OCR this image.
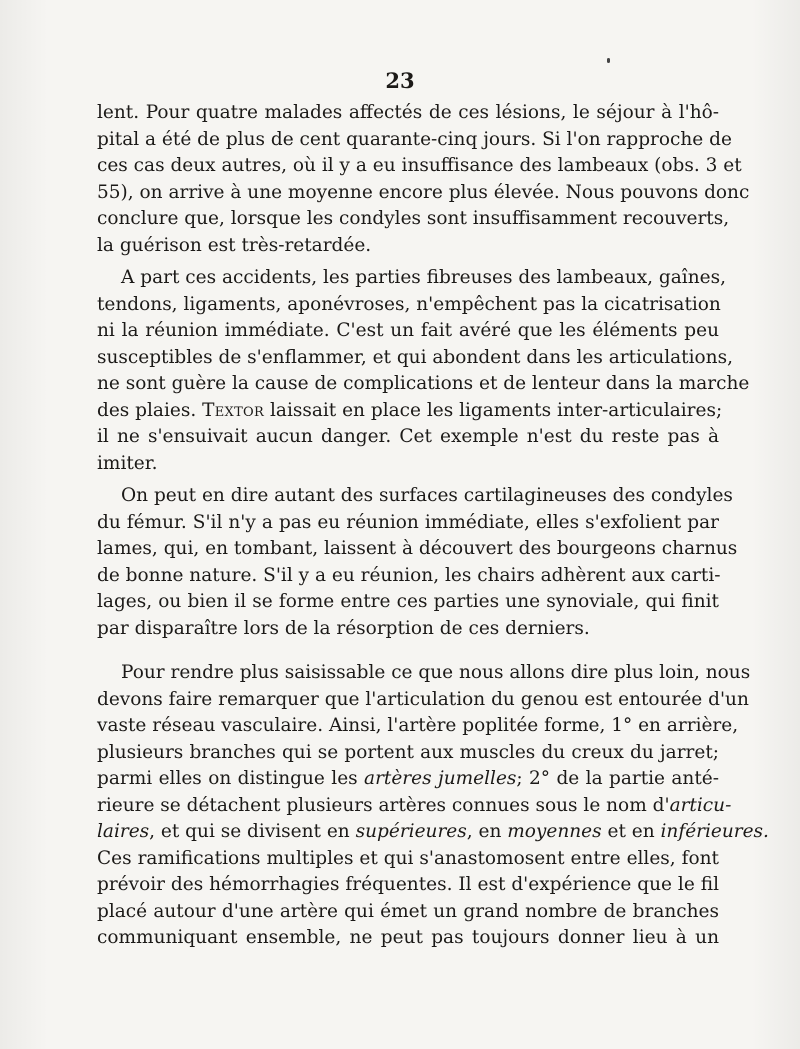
23

lent. Pour quatre malades affectés de ces lésions, le séjour à l'hô-
pital a été de plus de cent quarante-cinq jours. Si l'on rapproche de
ces cas deux autres, où il y a eu insuffisance des lambeaux (obs. 3 et
55), on arrive à une moyenne encore plus élevée. Nous pouvons donc
conclure que, lorsque les condyles sont insuffisamment recouverts,
la guérison est très-retardée.

A part ces accidents, les parties fibreuses des lambeaux, gaînes,
tendons, ligaments, aponévroses, n'empêchent pas la cicatrisation
ni la réunion immédiate. C'est un fait avéré que les éléments peu
susceptibles de s'enflammer, et qui abondent dans les articulations,
ne sont guère la cause de complications et de lenteur dans la marche
des plaies. Textor laissait en place les ligaments inter-articulaires;
il ne s'ensuivait aucun danger. Cet exemple n'est du reste pas à
imiter.

On peut en dire autant des surfaces cartilagineuses des condyles
du fémur. S'il n'y a pas eu réunion immédiate, elles s'exfolient par
lames, qui, en tombant, laissent à découvert des bourgeons charnus
de bonne nature. S'il y a eu réunion, les chairs adhèrent aux carti-
lages, ou bien il se forme entre ces parties une synoviale, qui finit
par disparaître lors de la résorption de ces derniers.

Pour rendre plus saisissable ce que nous allons dire plus loin, nous
devons faire remarquer que l'articulation du genou est entourée d'un
vaste réseau vasculaire. Ainsi, l'artère poplitée forme, 1° en arrière,
plusieurs branches qui se portent aux muscles du creux du jarret;
parmi elles on distingue les artères jumelles; 2° de la partie anté-
rieure se détachent plusieurs artères connues sous le nom d'articu-
laires, et qui se divisent en supérieures, en moyennes et en inférieures.
Ces ramifications multiples et qui s'anastomosent entre elles, font
prévoir des hémorrhagies fréquentes. Il est d'expérience que le fil
placé autour d'une artère qui émet un grand nombre de branches
communiquant ensemble, ne peut pas toujours donner lieu à un
